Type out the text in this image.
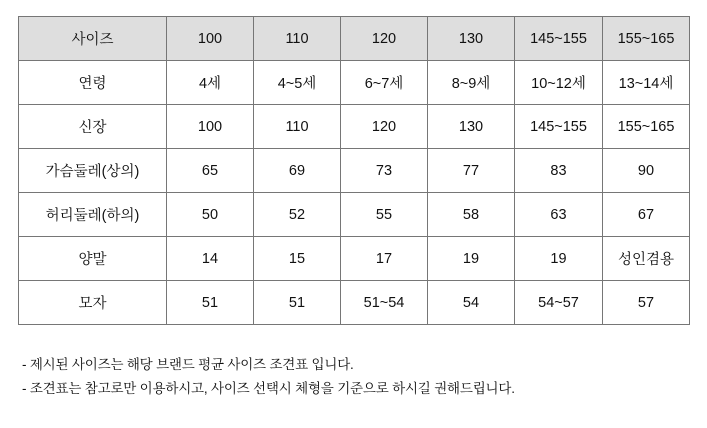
사이즈	100	110	120	130	145~155	155~165
연령	4세	4~5세	6~7세	8~9세	10~12세	13~14세
신장	100	110	120	130	145~155	155~165
가슴둘레(상의)	65	69	73	77	83	90
허리둘레(하의)	50	52	55	58	63	67
양말	14	15	17	19	19	성인겸용
모자	51	51	51~54	54	54~57	57
- 제시된 사이즈는 해당 브랜드 평균 사이즈 조견표 입니다.
- 조견표는 참고로만 이용하시고, 사이즈 선택시 체형을 기준으로 하시길 권해드립니다.
